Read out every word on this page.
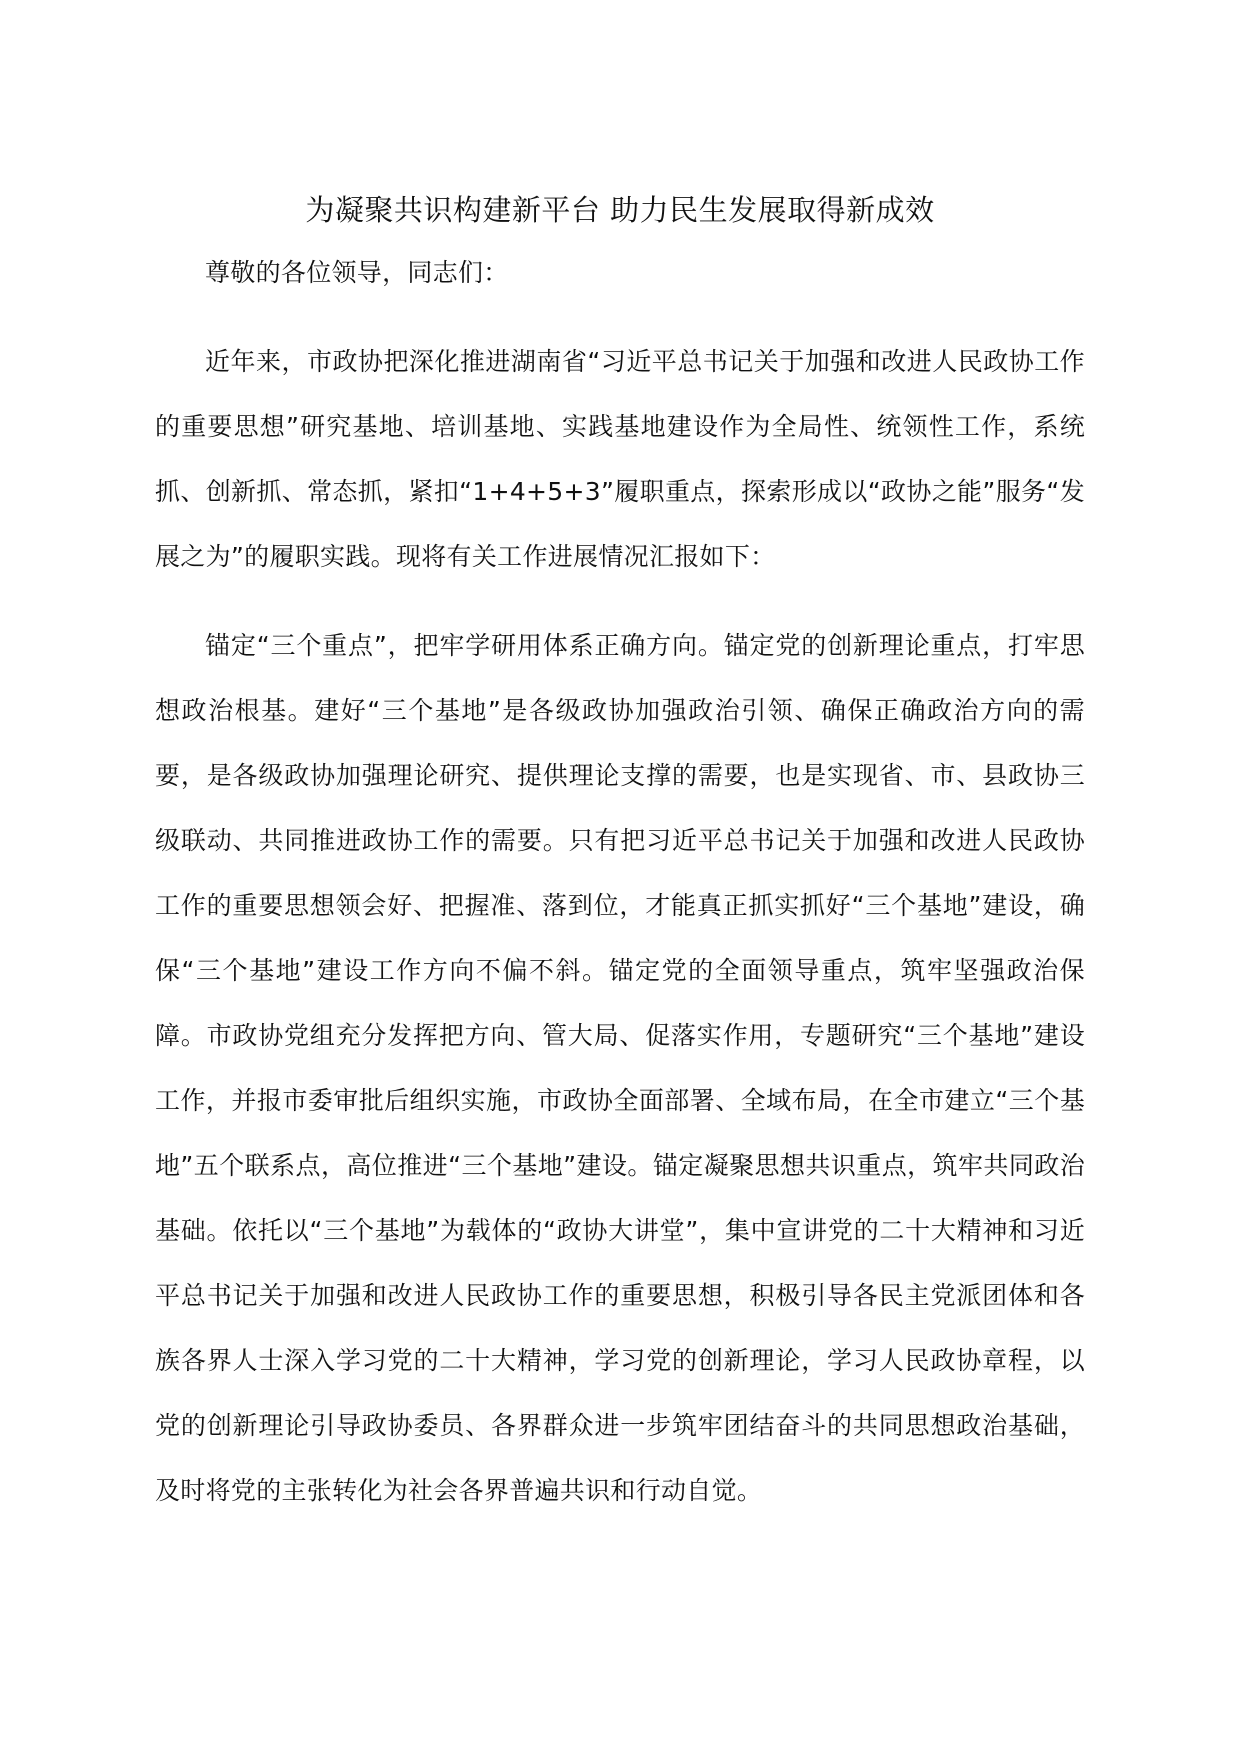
为凝聚共识构建新平台 助力民生发展取得新成效

尊敬的各位领导，同志们：

近年来，市政协把深化推进湖南省“习近平总书记关于加强和改进人民政协工作的重要思想”研究基地、培训基地、实践基地建设作为全局性、统领性工作，系统抓、创新抓、常态抓，紧扣“1+4+5+3”履职重点，探索形成以“政协之能”服务“发展之为”的履职实践。现将有关工作进展情况汇报如下：

锚定“三个重点”，把牢学研用体系正确方向。锚定党的创新理论重点，打牢思想政治根基。建好“三个基地”是各级政协加强政治引领、确保正确政治方向的需要，是各级政协加强理论研究、提供理论支撑的需要，也是实现省、市、县政协三级联动、共同推进政协工作的需要。只有把习近平总书记关于加强和改进人民政协工作的重要思想领会好、把握准、落到位，才能真正抓实抓好“三个基地”建设，确保“三个基地”建设工作方向不偏不斜。锚定党的全面领导重点，筑牢坚强政治保障。市政协党组充分发挥把方向、管大局、促落实作用，专题研究“三个基地”建设工作，并报市委审批后组织实施，市政协全面部署、全域布局，在全市建立“三个基地”五个联系点，高位推进“三个基地”建设。锚定凝聚思想共识重点，筑牢共同政治基础。依托以“三个基地”为载体的“政协大讲堂”，集中宣讲党的二十大精神和习近平总书记关于加强和改进人民政协工作的重要思想，积极引导各民主党派团体和各族各界人士深入学习党的二十大精神，学习党的创新理论，学习人民政协章程，以党的创新理论引导政协委员、各界群众进一步筑牢团结奋斗的共同思想政治基础，及时将党的主张转化为社会各界普遍共识和行动自觉。
